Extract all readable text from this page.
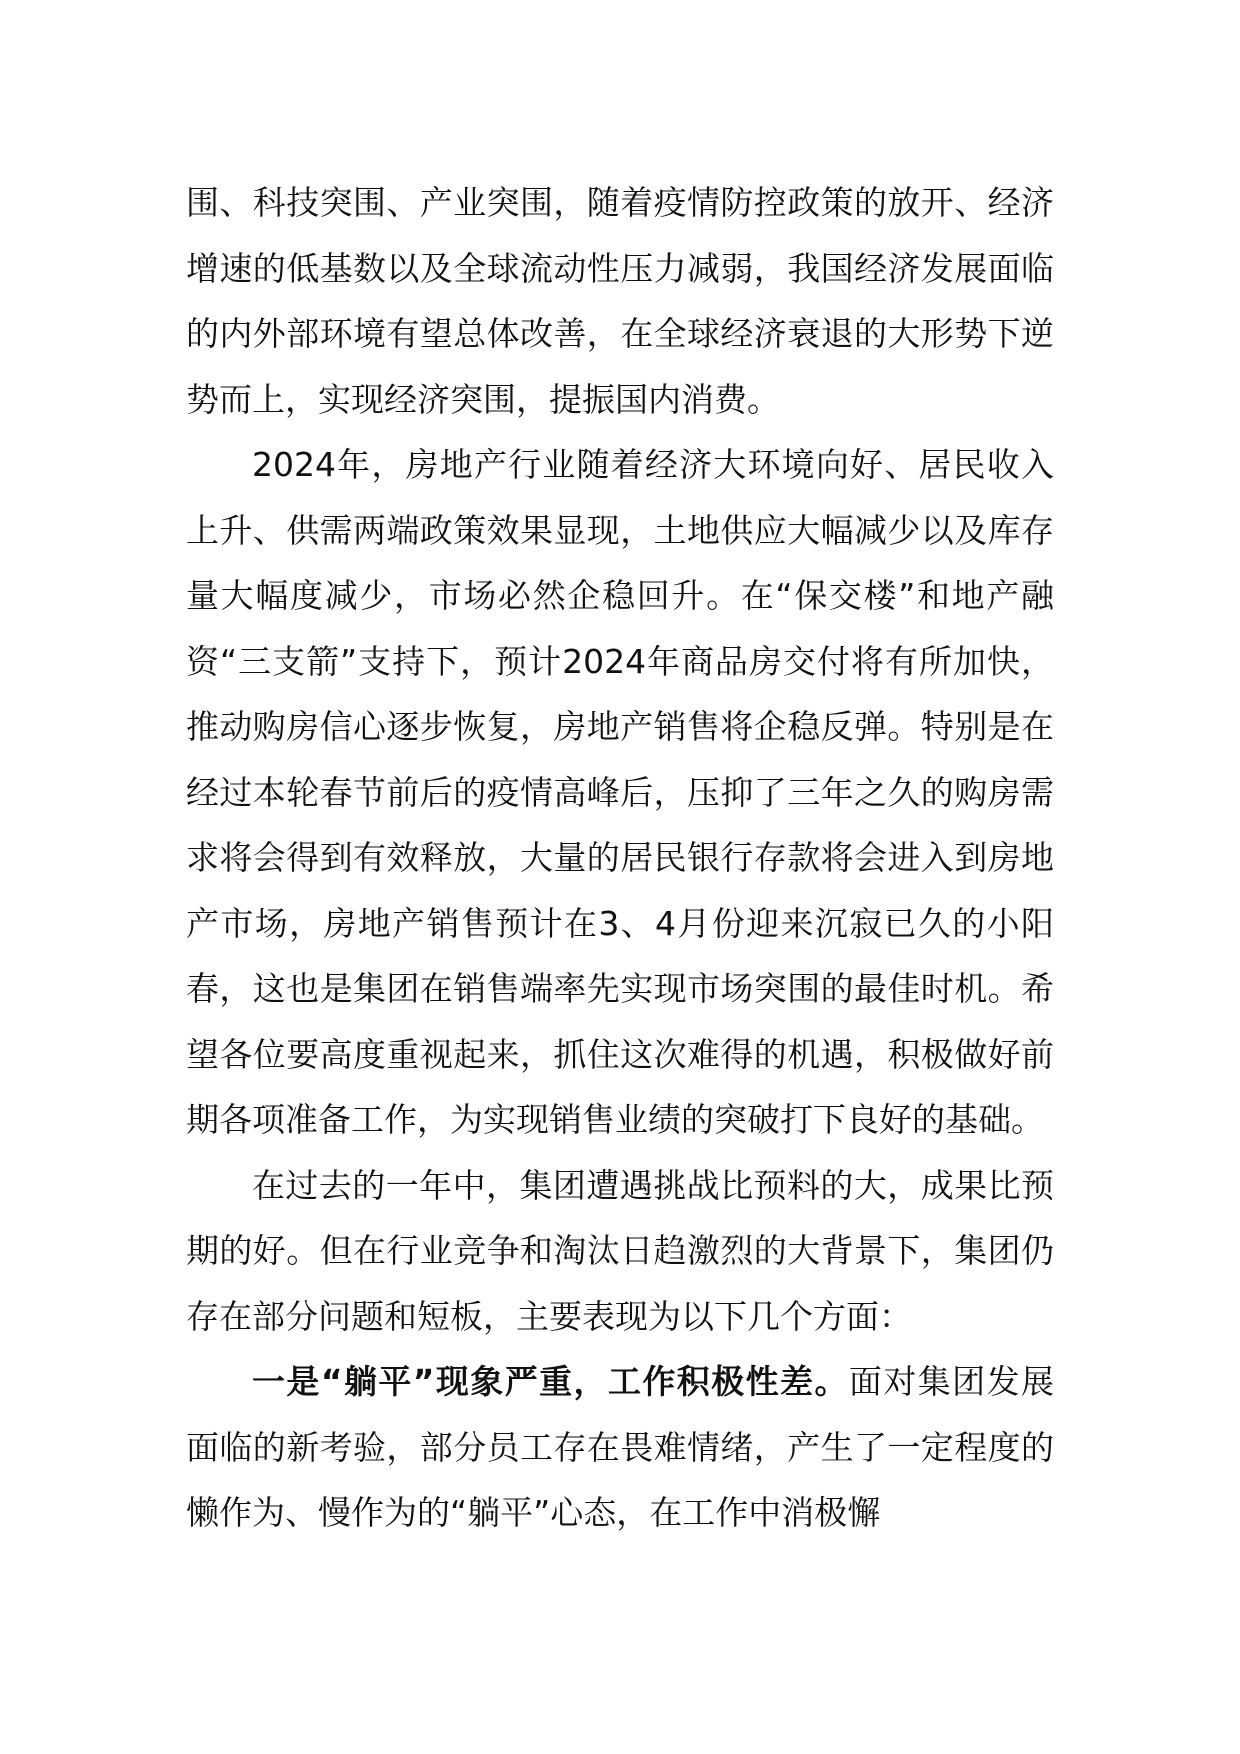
围、科技突围、产业突围，随着疫情防控政策的放开、经济增速的低基数以及全球流动性压力减弱，我国经济发展面临的内外部环境有望总体改善，在全球经济衰退的大形势下逆势而上，实现经济突围，提振国内消费。

2024年，房地产行业随着经济大环境向好、居民收入上升、供需两端政策效果显现，土地供应大幅减少以及库存量大幅度减少，市场必然企稳回升。在“保交楼”和地产融资“三支箭”支持下，预计2024年商品房交付将有所加快，推动购房信心逐步恢复，房地产销售将企稳反弹。特别是在经过本轮春节前后的疫情高峰后，压抑了三年之久的购房需求将会得到有效释放，大量的居民银行存款将会进入到房地产市场，房地产销售预计在3、4月份迎来沉寂已久的小阳春，这也是集团在销售端率先实现市场突围的最佳时机。希望各位要高度重视起来，抓住这次难得的机遇，积极做好前期各项准备工作，为实现销售业绩的突破打下良好的基础。

在过去的一年中，集团遭遇挑战比预料的大，成果比预期的好。但在行业竞争和淘汰日趋激烈的大背景下，集团仍存在部分问题和短板，主要表现为以下几个方面：

一是“躺平”现象严重，工作积极性差。面对集团发展面临的新考验，部分员工存在畏难情绪，产生了一定程度的懒作为、慢作为的“躺平”心态，在工作中消极懈
